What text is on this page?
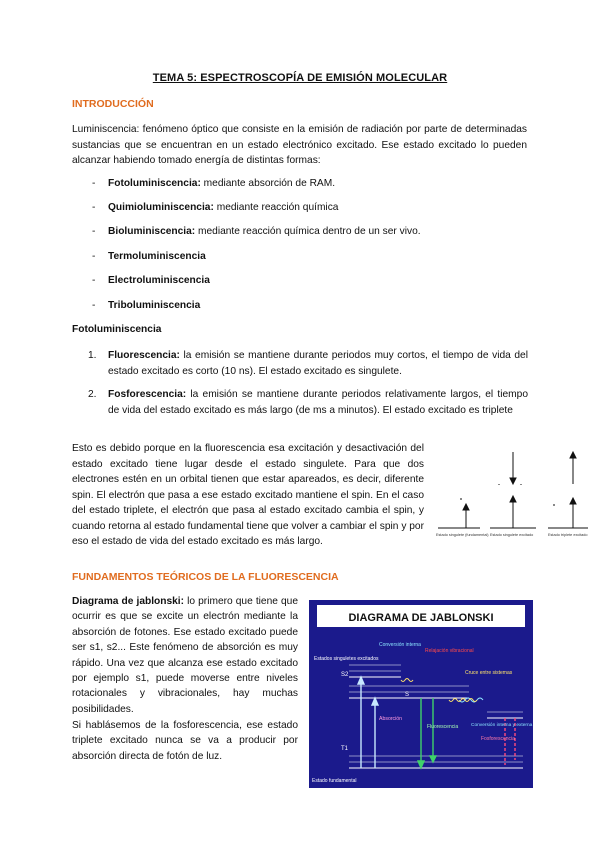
TEMA 5: ESPECTROSCOPÍA DE EMISIÓN MOLECULAR
INTRODUCCIÓN
Luminiscencia: fenómeno óptico que consiste en la emisión de radiación por parte de determinadas sustancias que se encuentran en un estado electrónico excitado. Ese estado excitado lo pueden alcanzar habiendo tomado energía de distintas formas:
- Fotoluminiscencia: mediante absorción de RAM.
- Quimioluminiscencia: mediante reacción química
- Bioluminiscencia: mediante reacción química dentro de un ser vivo.
- Termoluminiscencia
- Electroluminiscencia
- Triboluminiscencia
Fotoluminiscencia
1. Fluorescencia: la emisión se mantiene durante periodos muy cortos, el tiempo de vida del estado excitado es corto (10 ns). El estado excitado es singulete.
2. Fosforescencia: la emisión se mantiene durante periodos relativamente largos, el tiempo de vida del estado excitado es más largo (de ms a minutos). El estado excitado es triplete
Esto es debido porque en la fluorescencia esa excitación y desactivación del estado excitado tiene lugar desde el estado singulete. Para que dos electrones estén en un orbital tienen que estar apareados, es decir, diferente spin. El electrón que pasa a ese estado excitado mantiene el spin. En el caso del estado triplete, el electrón que pasa al estado excitado cambia el spin, y cuando retorna al estado fundamental tiene que volver a cambiar el spin y por eso el estado de vida del estado excitado es más largo.
Estado singulete (fundamental) Estado singulete excitado	Estado triplete excitado
FUNDAMENTOS TEÓRICOS DE LA FLUORESCENCIA
Diagrama de jablonski: lo primero que tiene que ocurrir es que se excite un electrón mediante la absorción de fotones. Ese estado excitado puede ser s1, s2... Este fenómeno de absorción es muy rápido. Una vez que alcanza ese estado excitado por ejemplo s1, puede moverse entre niveles rotacionales y vibracionales, hay muchas posibilidades.
Si hablásemos de la fosforescencia, ese estado triplete excitado nunca se va a producir por absorción directa de fotón de luz.
DIAGRAMA DE JABLONSKI
Estados singuletes excitados
S2
S
T1
Estado fundamental
Conversión interna
Relajación vibracional
Cruce entre sistemas
Absorción
Fluorescencia	Conversión interna y externa
Fosforescencia
